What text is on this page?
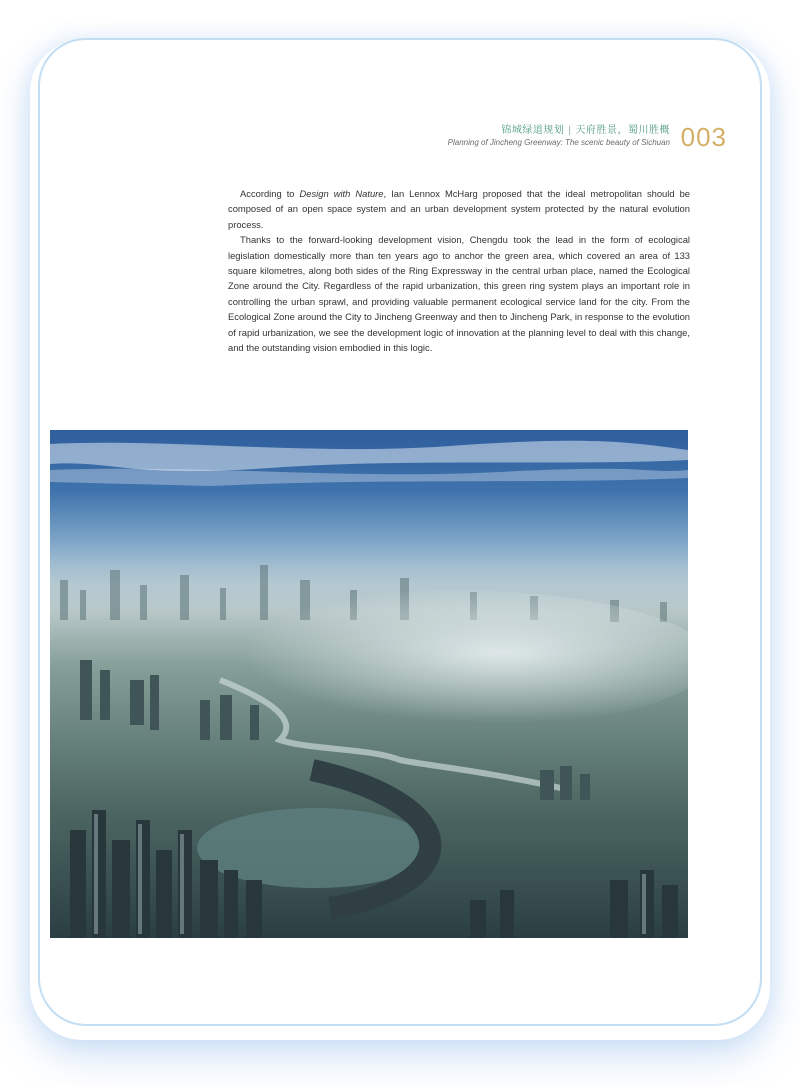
锦城绿道规划 | 天府胜景，蜀川胜概
Planning of Jincheng Greenway: The scenic beauty of Sichuan 003

According to Design with Nature, Ian Lennox McHarg proposed that the ideal metropolitan should be composed of an open space system and an urban development system protected by the natural evolution process.

Thanks to the forward-looking development vision, Chengdu took the lead in the form of ecological legislation domestically more than ten years ago to anchor the green area, which covered an area of 133 square kilometres, along both sides of the Ring Expressway in the central urban place, named the Ecological Zone around the City. Regardless of the rapid urbanization, this green ring system plays an important role in controlling the urban sprawl, and providing valuable permanent ecological service land for the city. From the Ecological Zone around the City to Jincheng Greenway and then to Jincheng Park, in response to the evolution of rapid urbanization, we see the development logic of innovation at the planning level to deal with this change, and the outstanding vision embodied in this logic.
